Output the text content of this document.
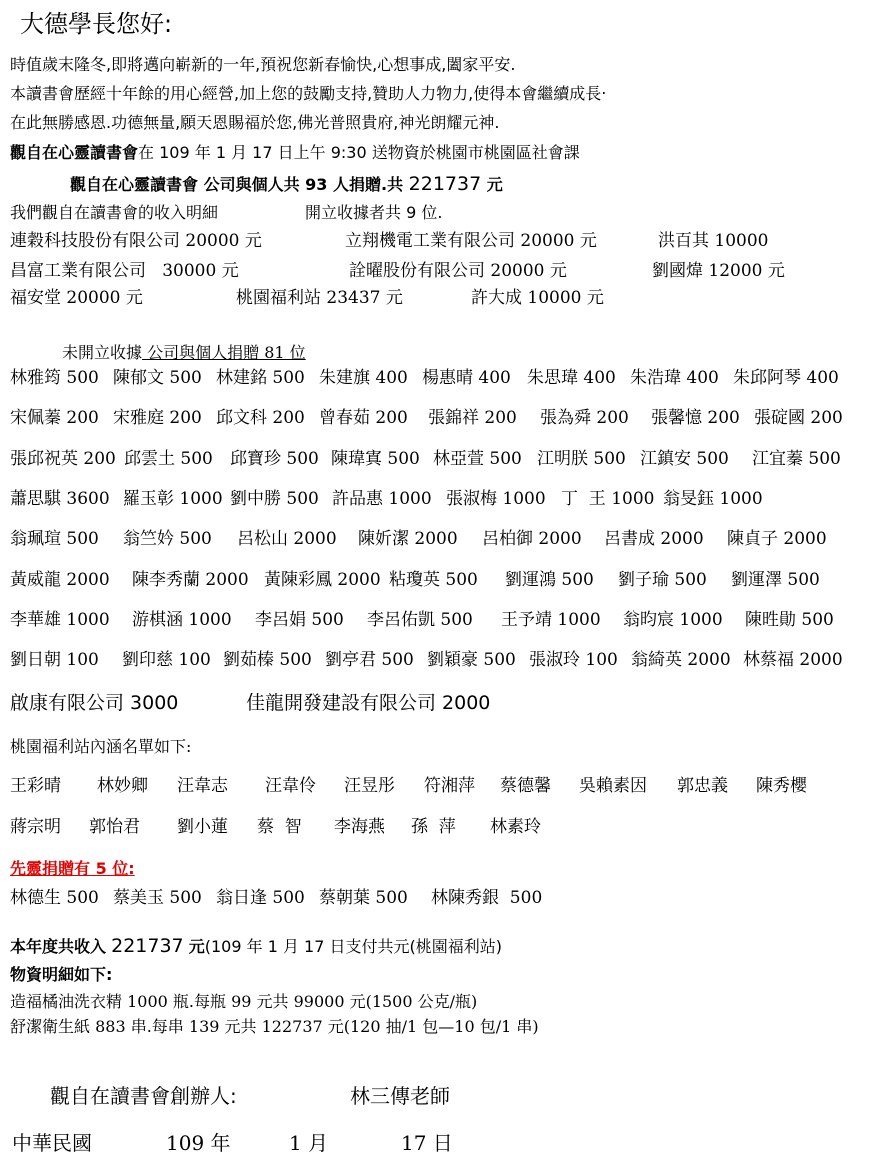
大德學長您好:
時值歲末隆冬,即將邁向嶄新的一年,預祝您新春愉快,心想事成,闔家平安.
本讀書會歷經十年餘的用心經營,加上您的鼓勵支持,贊助人力物力,使得本會繼續成長‧
在此無勝感恩.功德無量,願天恩賜福於您,佛光普照貴府,神光朗耀元神.
觀自在心靈讀書會在 109 年 1 月 17 日上午 9:30 送物資於桃園市桃園區社會課
觀自在心靈讀書會 公司與個人共 93 人捐贈.共 221737 元
我們觀自在讀書會的收入明細	開立收據者共 9 位.
連穀科技股份有限公司 20000 元	立翔機電工業有限公司 20000 元	洪百其 10000
昌富工業有限公司   30000 元	詮曜股份有限公司 20000 元	劉國煒 12000 元
福安堂 20000 元	桃園福利站 23437 元	許大成 10000 元
未開立收據 公司與個人捐贈 81 位
林雅筠 500 陳郁文 500 林建銘 500 朱建旗 400 楊惠晴 400 朱思瑋 400 朱浩瑋 400 朱邱阿琴 400
宋佩蓁 200 宋雅庭 200 邱文科 200 曾春茹 200 張錦祥 200 張為舜 200 張馨憶 200 張碇國 200
張邱祝英 200 邱雲土 500 邱寶珍 500 陳瑋寘 500 林亞萱 500 江明朕 500 江鎮安 500 江宜蓁 500
蕭思騏 3600 羅玉彰 1000 劉中勝 500 許品惠 1000 張淑梅 1000 丁  王 1000 翁旻鈺 1000
翁珮瑄 500 翁竺妗 500 呂松山 2000 陳妡潔 2000 呂柏御 2000 呂書成 2000 陳貞子 2000
黃威龍 2000 陳李秀蘭 2000 黃陳彩鳳 2000 粘瓊英 500 劉運鴻 500 劉子瑜 500 劉運澤 500
李華雄 1000 游棋涵 1000 李呂娟 500 李呂佑凱 500 王予靖 1000 翁昀宸 1000 陳甠勛 500
劉日朝 100 劉印慈 100 劉茹榛 500 劉亭君 500 劉穎豪 500 張淑玲 100 翁綺英 2000 林蔡福 2000
啟康有限公司 3000	佳龍開發建設有限公司 2000
桃園福利站內涵名單如下:
王彩晴 林妙卿 汪韋志 汪韋伶 汪昱彤 符湘萍 蔡德馨 吳賴素因 郭忠義 陳秀櫻
蔣宗明 郭怡君 劉小蓮 蔡  智 李海燕 孫  萍 林素玲
先靈捐贈有 5 位:
林德生 500 蔡美玉 500 翁日逢 500 蔡朝葉 500 林陳秀銀  500
本年度共收入 221737 元(109 年 1 月 17 日支付共元(桃園福利站)
物資明細如下:
造福橘油洗衣精 1000 瓶.每瓶 99 元共 99000 元(1500 公克/瓶)
舒潔衛生紙 883 串.每串 139 元共 122737 元(120 抽/1 包—10 包/1 串)
觀自在讀書會創辦人:	林三傳老師
中華民國	109 年	1 月	17 日
